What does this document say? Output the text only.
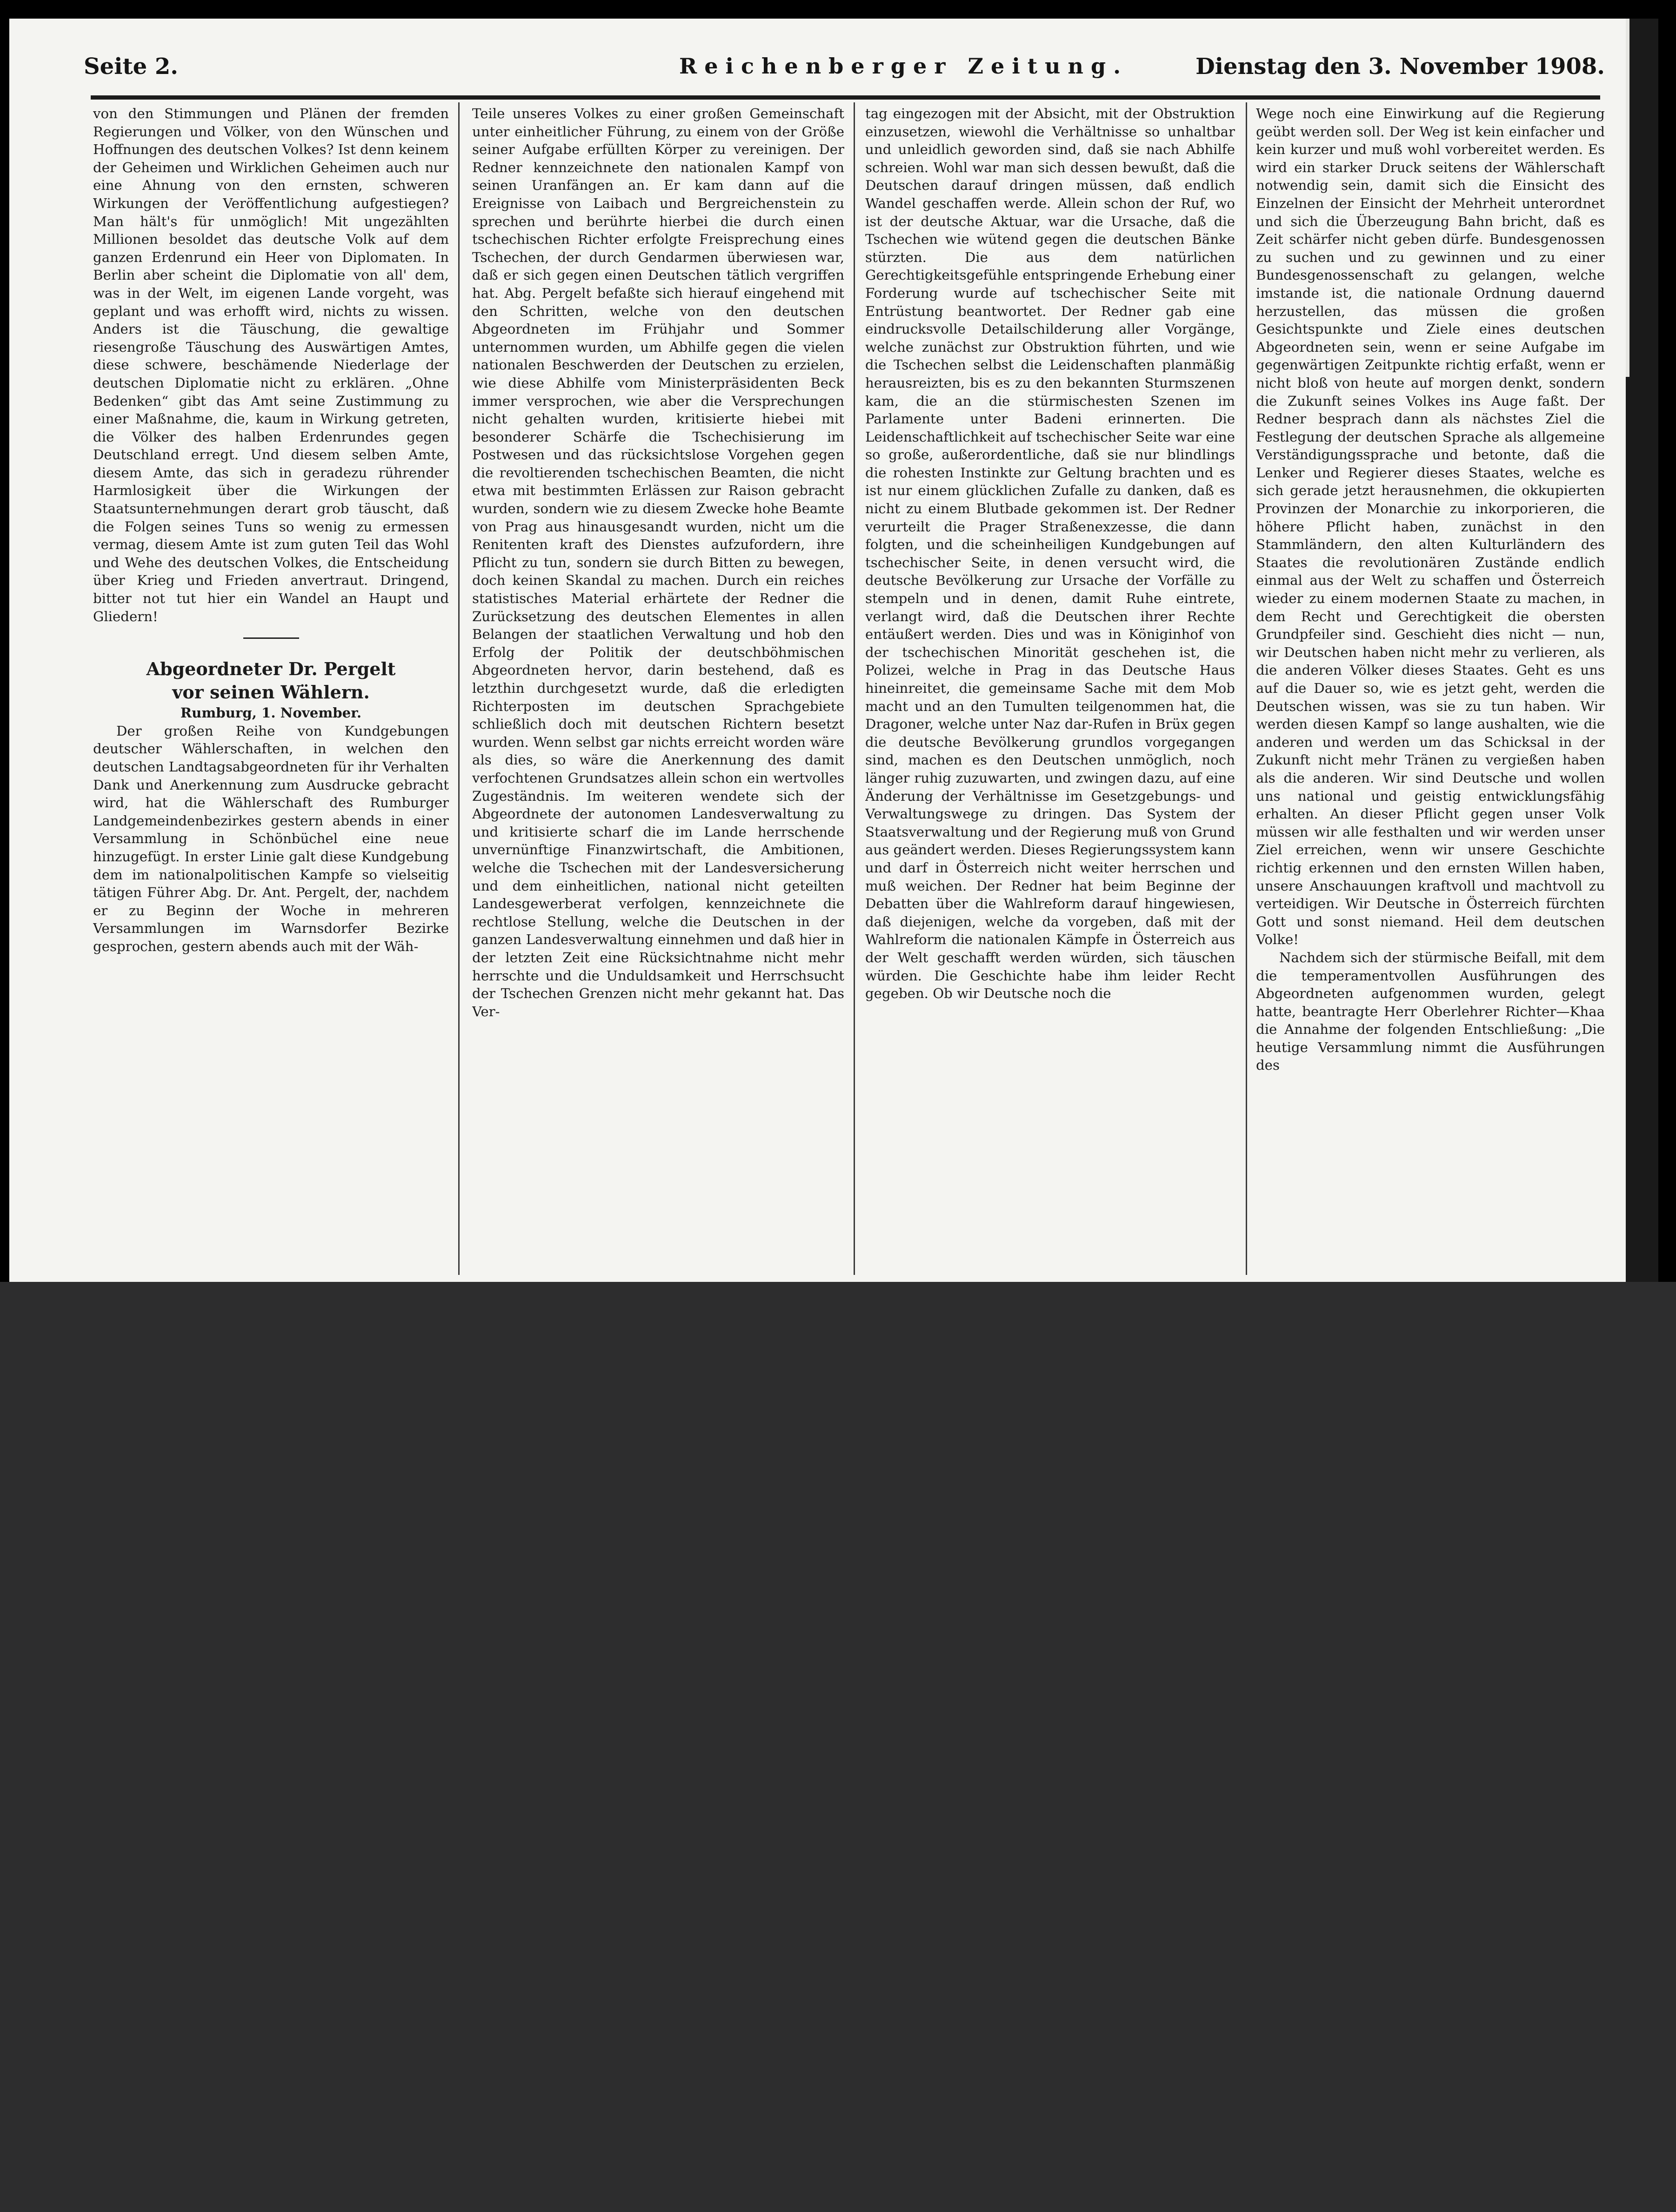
Seite 2.	Reichenberger Zeitung.	Dienstag den 3. November 1908.

von den Stimmungen und Plänen der fremden Regierungen und Völker, von den Wünschen und Hoffnungen des deutschen Volkes? Ist denn keinem der Geheimen und Wirklichen Geheimen auch nur eine Ahnung von den ernsten, schweren Wirkungen der Veröffentlichung aufgestiegen? Man hält's für unmöglich! Mit ungezählten Millionen besoldet das deutsche Volk auf dem ganzen Erdenrund ein Heer von Diplomaten. In Berlin aber scheint die Diplomatie von all' dem, was in der Welt, im eigenen Lande vorgeht, was geplant und was erhofft wird, nichts zu wissen. Anders ist die Täuschung, die gewaltige riesengroße Täuschung des Auswärtigen Amtes, diese schwere, beschämende Niederlage der deutschen Diplomatie nicht zu erklären. „Ohne Bedenken“ gibt das Amt seine Zustimmung zu einer Maßnahme, die, kaum in Wirkung getreten, die Völker des halben Erdenrundes gegen Deutschland erregt. Und diesem selben Amte, diesem Amte, das sich in geradezu rührender Harmlosigkeit über die Wirkungen der Staatsunternehmungen derart grob täuscht, daß die Folgen seines Tuns so wenig zu ermessen vermag, diesem Amte ist zum guten Teil das Wohl und Wehe des deutschen Volkes, die Entscheidung über Krieg und Frieden anvertraut. Dringend, bitter not tut hier ein Wandel an Haupt und Gliedern!

Abgeordneter Dr. Pergelt

vor seinen Wählern.

Rumburg, 1. November.

Der großen Reihe von Kundgebungen deutscher Wählerschaften, in welchen den deutschen Landtagsabgeordneten für ihr Verhalten Dank und Anerkennung zum Ausdrucke gebracht wird, hat die Wählerschaft des Rumburger Landgemeindenbezirkes gestern abends in einer Versammlung in Schönbüchel eine neue hinzugefügt. In erster Linie galt diese Kundgebung dem im nationalpolitischen Kampfe so vielseitig tätigen Führer Abg. Dr. Ant. Pergelt, der, nachdem er zu Beginn der Woche in mehreren Versammlungen im Warnsdorfer Bezirke gesprochen, gestern abends auch mit der Wäh-

Teile unseres Volkes zu einer großen Gemeinschaft unter einheitlicher Führung, zu einem von der Größe seiner Aufgabe erfüllten Körper zu vereinigen. Der Redner kennzeichnete den nationalen Kampf von seinen Uranfängen an. Er kam dann auf die Ereignisse von Laibach und Bergreichenstein zu sprechen und berührte hierbei die durch einen tschechischen Richter erfolgte Freisprechung eines Tschechen, der durch Gendarmen überwiesen war, daß er sich gegen einen Deutschen tätlich vergriffen hat. Abg. Pergelt befaßte sich hierauf eingehend mit den Schritten, welche von den deutschen Abgeordneten im Frühjahr und Sommer unternommen wurden, um Abhilfe gegen die vielen nationalen Beschwerden der Deutschen zu erzielen, wie diese Abhilfe vom Ministerpräsidenten Beck immer versprochen, wie aber die Versprechungen nicht gehalten wurden, kritisierte hiebei mit besonderer Schärfe die Tschechisierung im Postwesen und das rücksichtslose Vorgehen gegen die revoltierenden tschechischen Beamten, die nicht etwa mit bestimmten Erlässen zur Raison gebracht wurden, sondern wie zu diesem Zwecke hohe Beamte von Prag aus hinausgesandt wurden, nicht um die Renitenten kraft des Dienstes aufzufordern, ihre Pflicht zu tun, sondern sie durch Bitten zu bewegen, doch keinen Skandal zu machen. Durch ein reiches statistisches Material erhärtete der Redner die Zurücksetzung des deutschen Elementes in allen Belangen der staatlichen Verwaltung und hob den Erfolg der Politik der deutschböhmischen Abgeordneten hervor, darin bestehend, daß es letzthin durchgesetzt wurde, daß die erledigten Richterposten im deutschen Sprachgebiete schließlich doch mit deutschen Richtern besetzt wurden. Wenn selbst gar nichts erreicht worden wäre als dies, so wäre die Anerkennung des damit verfochtenen Grundsatzes allein schon ein wertvolles Zugeständnis. Im weiteren wendete sich der Abgeordnete der autonomen Landesverwaltung zu und kritisierte scharf die im Lande herrschende unvernünftige Finanzwirtschaft, die Ambitionen, welche die Tschechen mit der Landesversicherung und dem einheitlichen, national nicht geteilten Landesgewerberat verfolgen, kennzeichnete die rechtlose Stellung, welche die Deutschen in der ganzen Landesverwaltung einnehmen und daß hier in der letzten Zeit eine Rücksichtnahme nicht mehr herrschte und die Unduldsamkeit und Herrschsucht der Tschechen Grenzen nicht mehr gekannt hat. Das Ver-

tag eingezogen mit der Absicht, mit der Obstruktion einzusetzen, wiewohl die Verhältnisse so unhaltbar und unleidlich geworden sind, daß sie nach Abhilfe schreien. Wohl war man sich dessen bewußt, daß die Deutschen darauf dringen müssen, daß endlich Wandel geschaffen werde. Allein schon der Ruf, wo ist der deutsche Aktuar, war die Ursache, daß die Tschechen wie wütend gegen die deutschen Bänke stürzten. Die aus dem natürlichen Gerechtigkeitsgefühle entspringende Erhebung einer Forderung wurde auf tschechischer Seite mit Entrüstung beantwortet. Der Redner gab eine eindrucksvolle Detailschilderung aller Vorgänge, welche zunächst zur Obstruktion führten, und wie die Tschechen selbst die Leidenschaften planmäßig herausreizten, bis es zu den bekannten Sturmszenen kam, die an die stürmischesten Szenen im Parlamente unter Badeni erinnerten. Die Leidenschaftlichkeit auf tschechischer Seite war eine so große, außerordentliche, daß sie nur blindlings die rohesten Instinkte zur Geltung brachten und es ist nur einem glücklichen Zufalle zu danken, daß es nicht zu einem Blutbade gekommen ist. Der Redner verurteilt die Prager Straßenexzesse, die dann folgten, und die scheinheiligen Kundgebungen auf tschechischer Seite, in denen versucht wird, die deutsche Bevölkerung zur Ursache der Vorfälle zu stempeln und in denen, damit Ruhe eintrete, verlangt wird, daß die Deutschen ihrer Rechte entäußert werden. Dies und was in Königinhof von der tschechischen Minorität geschehen ist, die Polizei, welche in Prag in das Deutsche Haus hineinreitet, die gemeinsame Sache mit dem Mob macht und an den Tumulten teilgenommen hat, die Dragoner, welche unter Naz dar-Rufen in Brüx gegen die deutsche Bevölkerung grundlos vorgegangen sind, machen es den Deutschen unmöglich, noch länger ruhig zuzuwarten, und zwingen dazu, auf eine Änderung der Verhältnisse im Gesetzgebungs- und Verwaltungswege zu dringen. Das System der Staatsverwaltung und der Regierung muß von Grund aus geändert werden. Dieses Regierungssystem kann und darf in Österreich nicht weiter herrschen und muß weichen. Der Redner hat beim Beginne der Debatten über die Wahlreform darauf hingewiesen, daß diejenigen, welche da vorgeben, daß mit der Wahlreform die nationalen Kämpfe in Österreich aus der Welt geschafft werden würden, sich täuschen würden. Die Geschichte habe ihm leider Recht gegeben. Ob wir Deutsche noch die

Wege noch eine Einwirkung auf die Regierung geübt werden soll. Der Weg ist kein einfacher und kein kurzer und muß wohl vorbereitet werden. Es wird ein starker Druck seitens der Wählerschaft notwendig sein, damit sich die Einsicht des Einzelnen der Einsicht der Mehrheit unterordnet und sich die Überzeugung Bahn bricht, daß es Zeit schärfer nicht geben dürfe. Bundesgenossen zu suchen und zu gewinnen und zu einer Bundesgenossenschaft zu gelangen, welche imstande ist, die nationale Ordnung dauernd herzustellen, das müssen die großen Gesichtspunkte und Ziele eines deutschen Abgeordneten sein, wenn er seine Aufgabe im gegenwärtigen Zeitpunkte richtig erfaßt, wenn er nicht bloß von heute auf morgen denkt, sondern die Zukunft seines Volkes ins Auge faßt. Der Redner besprach dann als nächstes Ziel die Festlegung der deutschen Sprache als allgemeine Verständigungssprache und betonte, daß die Lenker und Regierer dieses Staates, welche es sich gerade jetzt herausnehmen, die okkupierten Provinzen der Monarchie zu inkorporieren, die höhere Pflicht haben, zunächst in den Stammländern, den alten Kulturländern des Staates die revolutionären Zustände endlich einmal aus der Welt zu schaffen und Österreich wieder zu einem modernen Staate zu machen, in dem Recht und Gerechtigkeit die obersten Grundpfeiler sind. Geschieht dies nicht — nun, wir Deutschen haben nicht mehr zu verlieren, als die anderen Völker dieses Staates. Geht es uns auf die Dauer so, wie es jetzt geht, werden die Deutschen wissen, was sie zu tun haben. Wir werden diesen Kampf so lange aushalten, wie die anderen und werden um das Schicksal in der Zukunft nicht mehr Tränen zu vergießen haben als die anderen. Wir sind Deutsche und wollen uns national und geistig entwicklungsfähig erhalten. An dieser Pflicht gegen unser Volk müssen wir alle festhalten und wir werden unser Ziel erreichen, wenn wir unsere Geschichte richtig erkennen und den ernsten Willen haben, unsere Anschauungen kraftvoll und machtvoll zu verteidigen. Wir Deutsche in Österreich fürchten Gott und sonst niemand. Heil dem deutschen Volke!

Nachdem sich der stürmische Beifall, mit dem die temperamentvollen Ausführungen des Abgeordneten aufgenommen wurden, gelegt hatte, beantragte Herr Oberlehrer Richter—Khaa die Annahme der folgenden Entschließung: „Die heutige Versammlung nimmt die Ausführungen des
